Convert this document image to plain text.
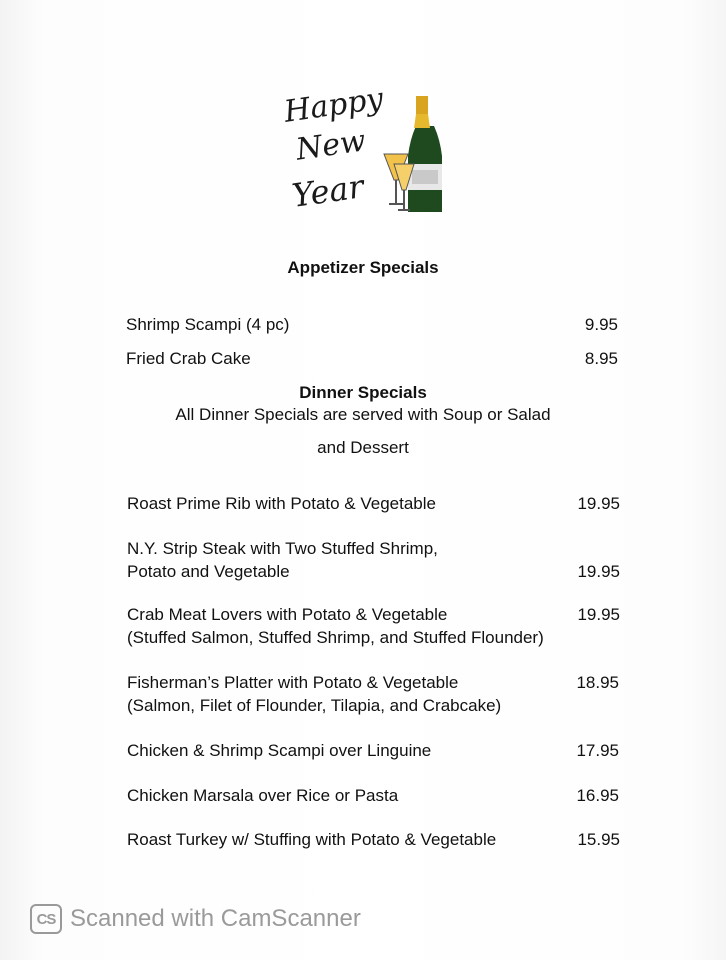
Happy
New
Year
Appetizer Specials
Shrimp Scampi (4 pc)	9.95
Fried Crab Cake	8.95
Dinner Specials
All Dinner Specials are served with Soup or Salad
and Dessert
Roast Prime Rib with Potato & Vegetable	19.95
N.Y. Strip Steak with Two Stuffed Shrimp,
Potato and Vegetable	19.95
Crab Meat Lovers with Potato & Vegetable	19.95
(Stuffed Salmon, Stuffed Shrimp, and Stuffed Flounder)
Fisherman’s Platter with Potato & Vegetable	18.95
(Salmon, Filet of Flounder, Tilapia, and Crabcake)
Chicken & Shrimp Scampi over Linguine	17.95
Chicken Marsala over Rice or Pasta	16.95
Roast Turkey w/ Stuffing with Potato & Vegetable	15.95
CS Scanned with CamScanner
